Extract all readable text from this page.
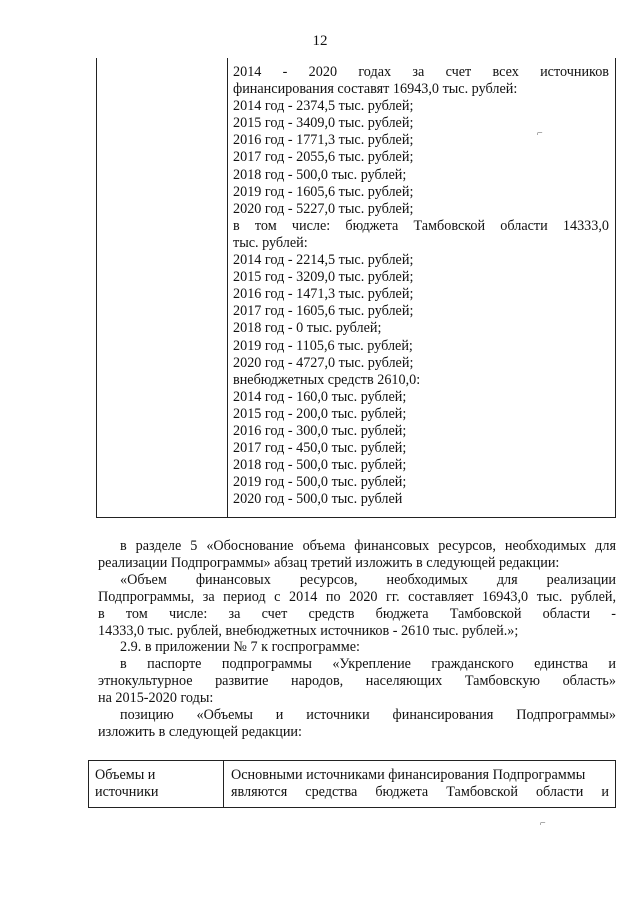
12
2014 - 2020 годах за счет всех источников
финансирования составят 16943,0 тыс. рублей:
2014 год - 2374,5 тыс. рублей;
2015 год - 3409,0 тыс. рублей;
2016 год - 1771,3 тыс. рублей;
2017 год - 2055,6 тыс. рублей;
2018 год - 500,0 тыс. рублей;
2019 год - 1605,6 тыс. рублей;
2020 год - 5227,0 тыс. рублей;
в том числе: бюджета Тамбовской области 14333,0
тыс. рублей:
2014 год - 2214,5 тыс. рублей;
2015 год - 3209,0 тыс. рублей;
2016 год - 1471,3 тыс. рублей;
2017 год - 1605,6 тыс. рублей;
2018 год - 0 тыс. рублей;
2019 год - 1105,6 тыс. рублей;
2020 год - 4727,0 тыс. рублей;
внебюджетных средств 2610,0:
2014 год - 160,0 тыс. рублей;
2015 год - 200,0 тыс. рублей;
2016 год - 300,0 тыс. рублей;
2017 год - 450,0 тыс. рублей;
2018 год - 500,0 тыс. рублей;
2019 год - 500,0 тыс. рублей;
2020 год - 500,0 тыс. рублей
в разделе 5 «Обоснование объема финансовых ресурсов, необходимых для
реализации Подпрограммы» абзац третий изложить в следующей редакции:
«Объем финансовых ресурсов, необходимых для реализации
Подпрограммы, за период с 2014 по 2020 гг. составляет 16943,0 тыс. рублей,
в том числе: за счет средств бюджета Тамбовской области -
14333,0 тыс. рублей, внебюджетных источников - 2610 тыс. рублей.»;
2.9. в приложении № 7 к госпрограмме:
в паспорте подпрограммы «Укрепление гражданского единства и
этнокультурное развитие народов, населяющих Тамбовскую область»
на 2015-2020 годы:
позицию «Объемы и источники финансирования Подпрограммы»
изложить в следующей редакции:
Объемы и
источники
Основными источниками финансирования Подпрограммы
являются средства бюджета Тамбовской области и
⌐
⌐
